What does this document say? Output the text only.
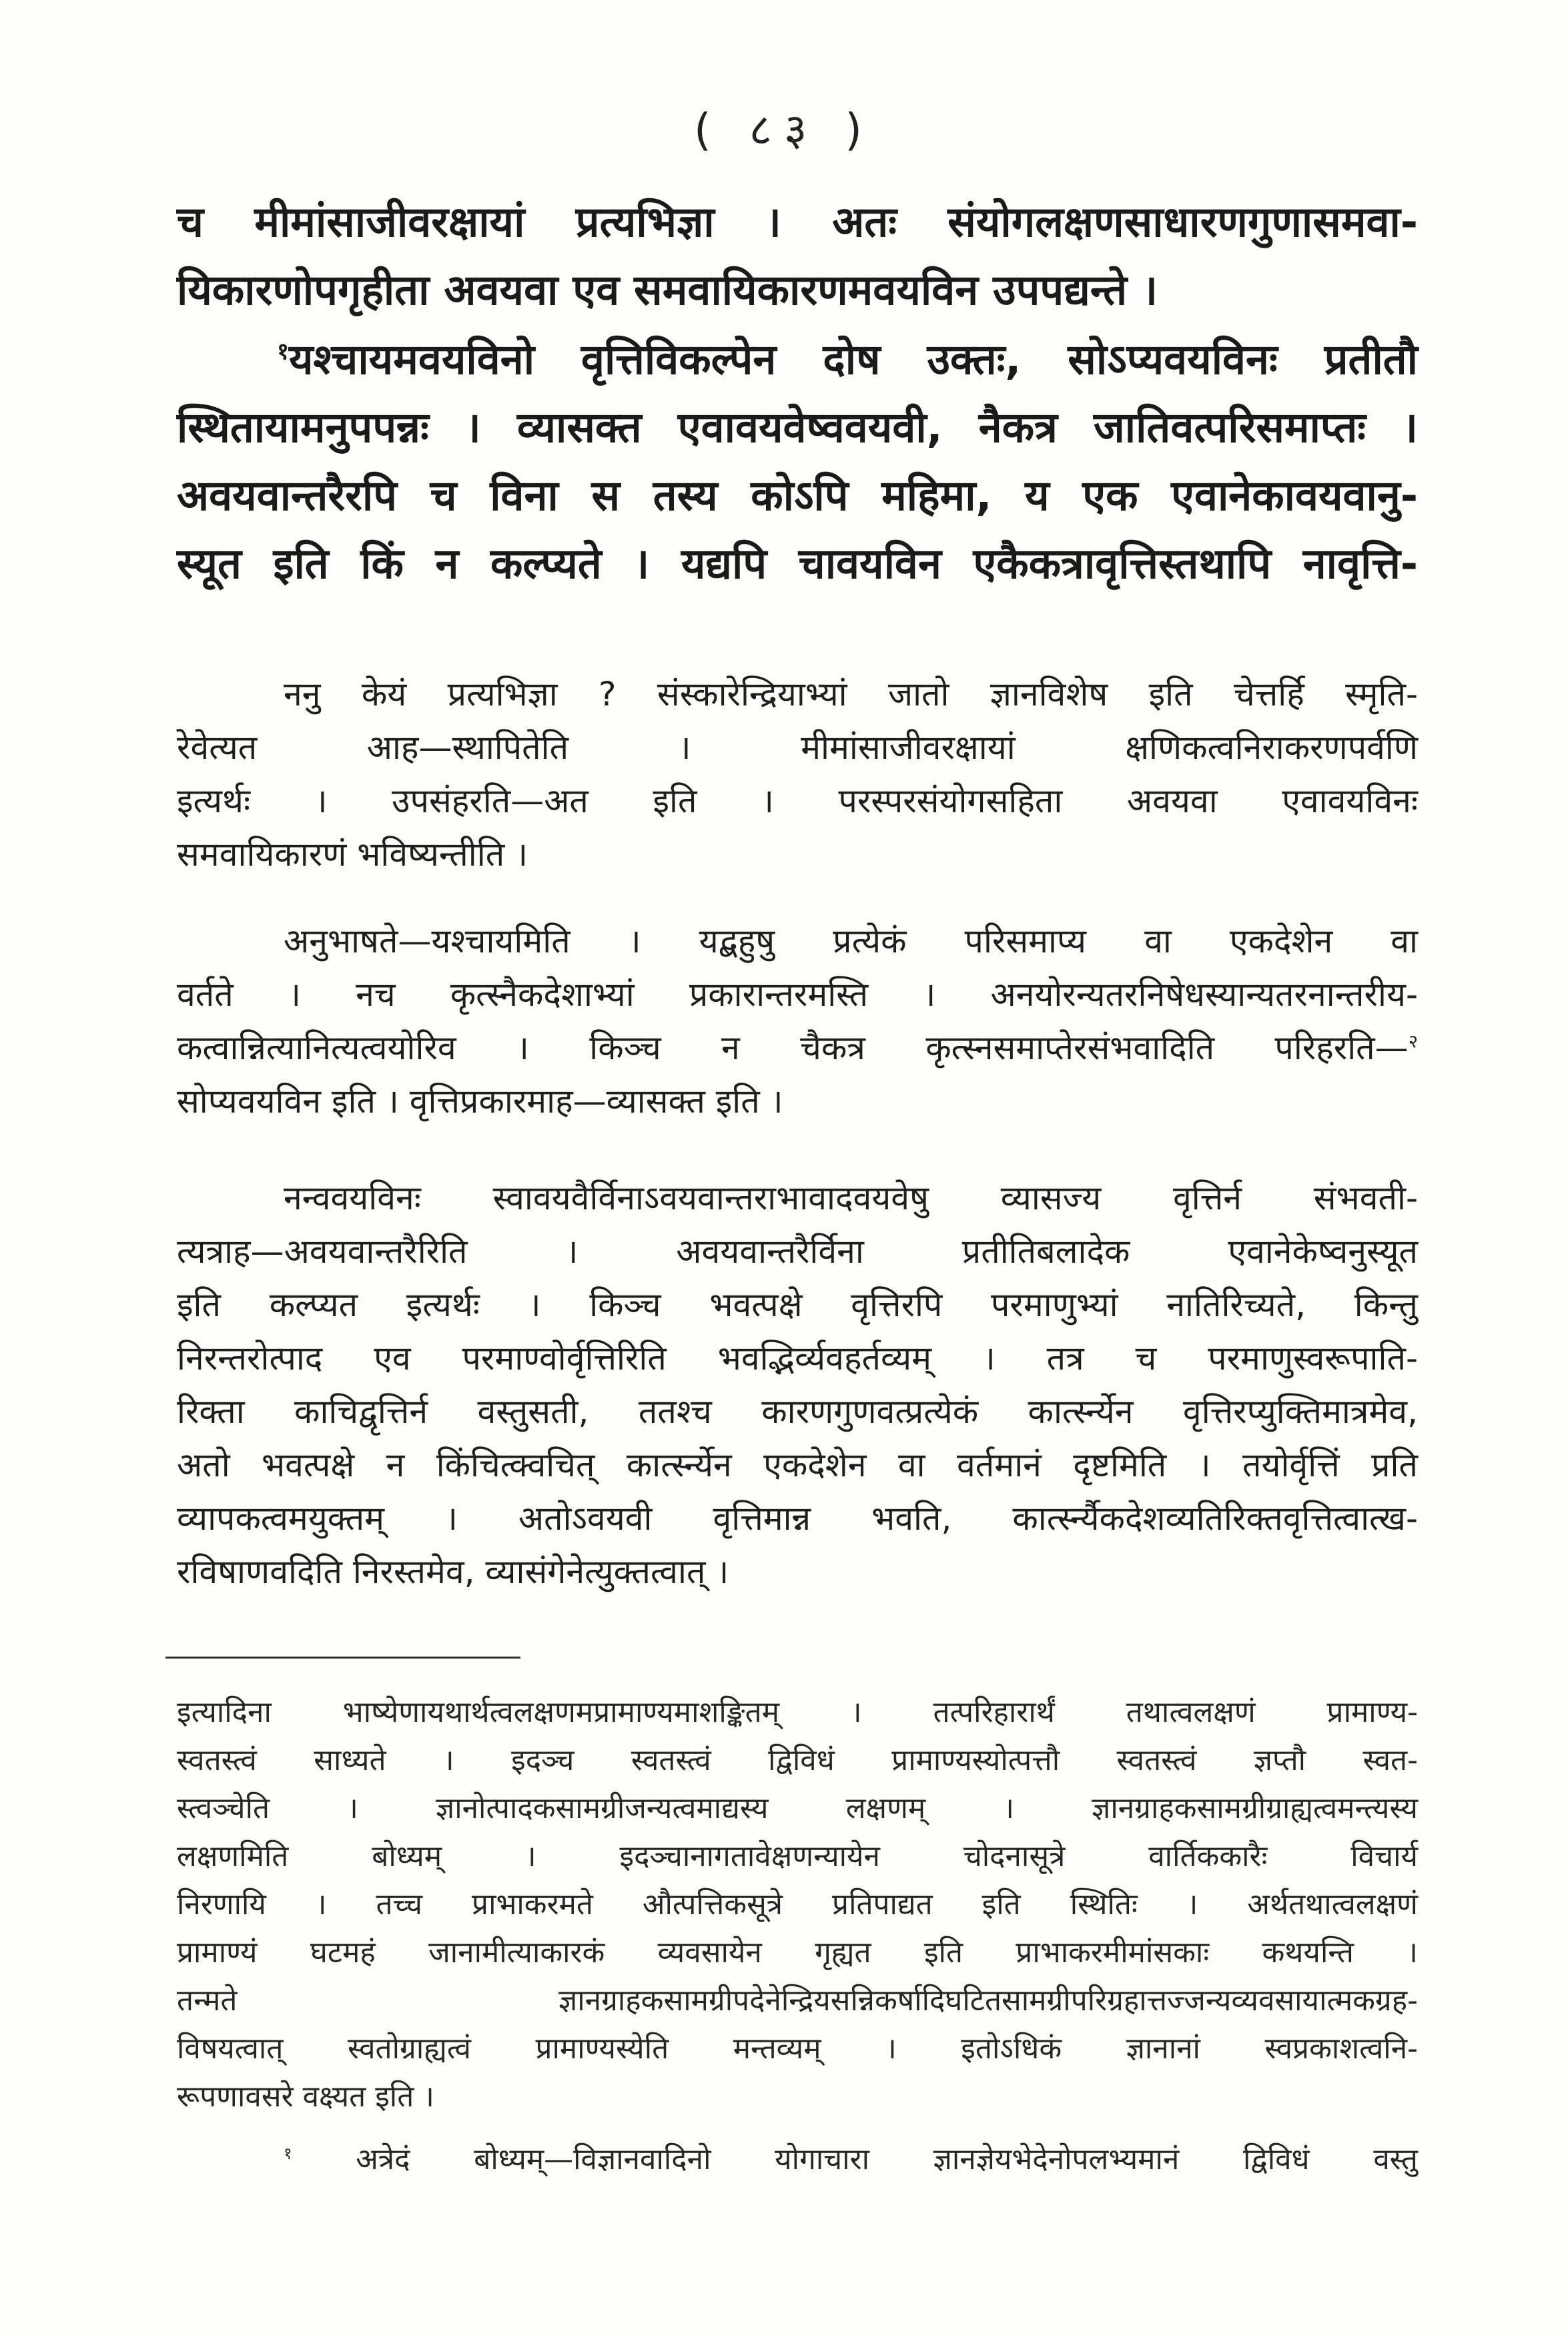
( ८३ )

च मीमांसाजीवरक्षायां प्रत्यभिज्ञा । अतः संयोगलक्षणसाधारणगुणासमवा-

यिकारणोपगृहीता अवयवा एव समवायिकारणमवयविन उपपद्यन्ते ।

$^१$यश्चायमवयविनो वृत्तिविकल्पेन दोष उक्तः, सोऽप्यवयविनः प्रतीतौ

स्थितायामनुपपन्नः । व्यासक्त एवावयवेष्ववयवी, नैकत्र जातिवत्परिसमाप्तः ।

अवयवान्तरैरपि च विना स तस्य कोऽपि महिमा, य एक एवानेकावयवानु-

स्यूत इति किं न कल्प्यते । यद्यपि चावयविन एकैकत्रावृत्तिस्तथापि नावृत्ति-

ननु केयं प्रत्यभिज्ञा ? संस्कारेन्द्रियाभ्यां जातो ज्ञानविशेष इति चेत्तर्हि स्मृति-

रेवेत्यत आह—स्थापितेति । मीमांसाजीवरक्षायां क्षणिकत्वनिराकरणपर्वणि

इत्यर्थः । उपसंहरति—अत इति । परस्परसंयोगसहिता अवयवा एवावयविनः

समवायिकारणं भविष्यन्तीति ।

अनुभाषते—यश्चायमिति । यद्बहुषु प्रत्येकं परिसमाप्य वा एकदेशेन वा

वर्तते । नच कृत्स्नैकदेशाभ्यां प्रकारान्तरमस्ति । अनयोरन्यतरनिषेधस्यान्यतरनान्तरीय-

कत्वान्नित्यानित्यत्वयोरिव । किञ्च न चैकत्र कृत्स्नसमाप्तेरसंभवादिति परिहरति—$^२$

सोप्यवयविन इति । वृत्तिप्रकारमाह—व्यासक्त इति ।

नन्ववयविनः स्वावयवैर्विनाऽवयवान्तराभावादवयवेषु व्यासज्य वृत्तिर्न संभवती-

त्यत्राह—अवयवान्तरैरिति । अवयवान्तरैर्विना प्रतीतिबलादेक एवानेकेष्वनुस्यूत

इति कल्प्यत इत्यर्थः । किञ्च भवत्पक्षे वृत्तिरपि परमाणुभ्यां नातिरिच्यते, किन्तु

निरन्तरोत्पाद एव परमाण्वोर्वृत्तिरिति भवद्भिर्व्यवहर्तव्यम् । तत्र च परमाणुस्वरूपाति-

रिक्ता काचिद्वृत्तिर्न वस्तुसती, ततश्च कारणगुणवत्प्रत्येकं कार्त्स्न्येन वृत्तिरप्युक्तिमात्रमेव,

अतो भवत्पक्षे न किंचित्क्वचित् कार्त्स्न्येन एकदेशेन वा वर्तमानं दृष्टमिति । तयोर्वृत्तिं प्रति

व्यापकत्वमयुक्तम् । अतोऽवयवी वृत्तिमान्न भवति, कार्त्स्न्यैकदेशव्यतिरिक्तवृत्तित्वात्ख-

रविषाणवदिति निरस्तमेव, व्यासंगेनेत्युक्तत्वात् ।

इत्यादिना भाष्येणायथार्थत्वलक्षणमप्रामाण्यमाशङ्कितम् । तत्परिहारार्थं तथात्वलक्षणं प्रामाण्य-

स्वतस्त्वं साध्यते । इदञ्च स्वतस्त्वं द्विविधं प्रामाण्यस्योत्पत्तौ स्वतस्त्वं ज्ञप्तौ स्वत-

स्त्वञ्चेति । ज्ञानोत्पादकसामग्रीजन्यत्वमाद्यस्य लक्षणम् । ज्ञानग्राहकसामग्रीग्राह्यत्वमन्त्यस्य

लक्षणमिति बोध्यम् । इदञ्चानागतावेक्षणन्यायेन चोदनासूत्रे वार्तिककारैः विचार्य

निरणायि । तच्च प्राभाकरमते औत्पत्तिकसूत्रे प्रतिपाद्यत इति स्थितिः । अर्थतथात्वलक्षणं

प्रामाण्यं घटमहं जानामीत्याकारकं व्यवसायेन गृह्यत इति प्राभाकरमीमांसकाः कथयन्ति ।

तन्मते ज्ञानग्राहकसामग्रीपदेनेन्द्रियसन्निकर्षादिघटितसामग्रीपरिग्रहात्तज्जन्यव्यवसायात्मकग्रह-

विषयत्वात् स्वतोग्राह्यत्वं प्रामाण्यस्येति मन्तव्यम् । इतोऽधिकं ज्ञानानां स्वप्रकाशत्वनि-

रूपणावसरे वक्ष्यत इति ।

$^१$ अत्रेदं बोध्यम्—विज्ञानवादिनो योगाचारा ज्ञानज्ञेयभेदेनोपलभ्यमानं द्विविधं वस्तु
